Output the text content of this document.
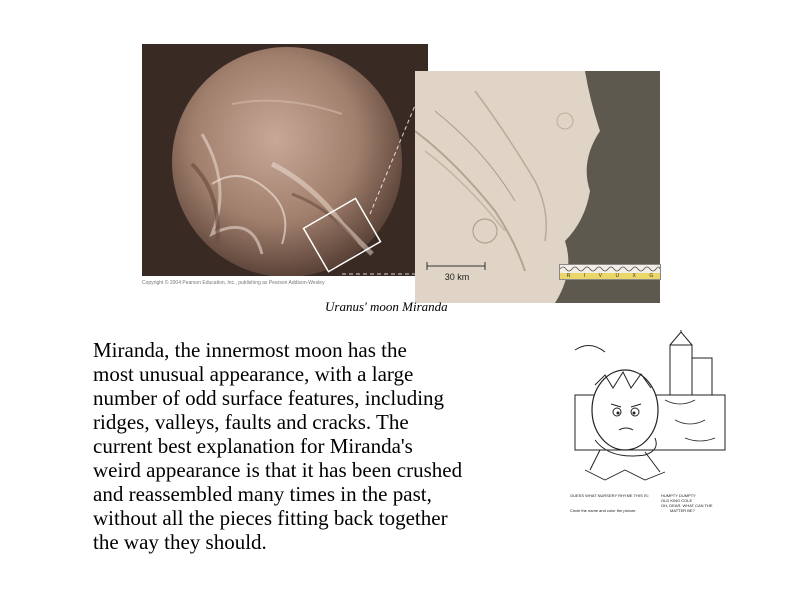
30 km
Copyright © 2004 Pearson Education, Inc., publishing as Pearson Addison-Wesley
R	I	V	U	X	G
Uranus' moon Miranda
Miranda, the innermost moon has the
most unusual appearance, with a large
number of odd surface features, including
ridges, valleys, faults and cracks. The
current best explanation for Miranda's
weird appearance is that it has been crushed
and reassembled many times in the past,
without all the pieces fitting back together
the way they should.
GUESS WHAT NURSERY RHYME THIS IS:	HUMPTY DUMPTY
OLD KING COLE
OH, DEAR, WHAT CAN THE
MATTER BE?
Circle the name and color the picture.
